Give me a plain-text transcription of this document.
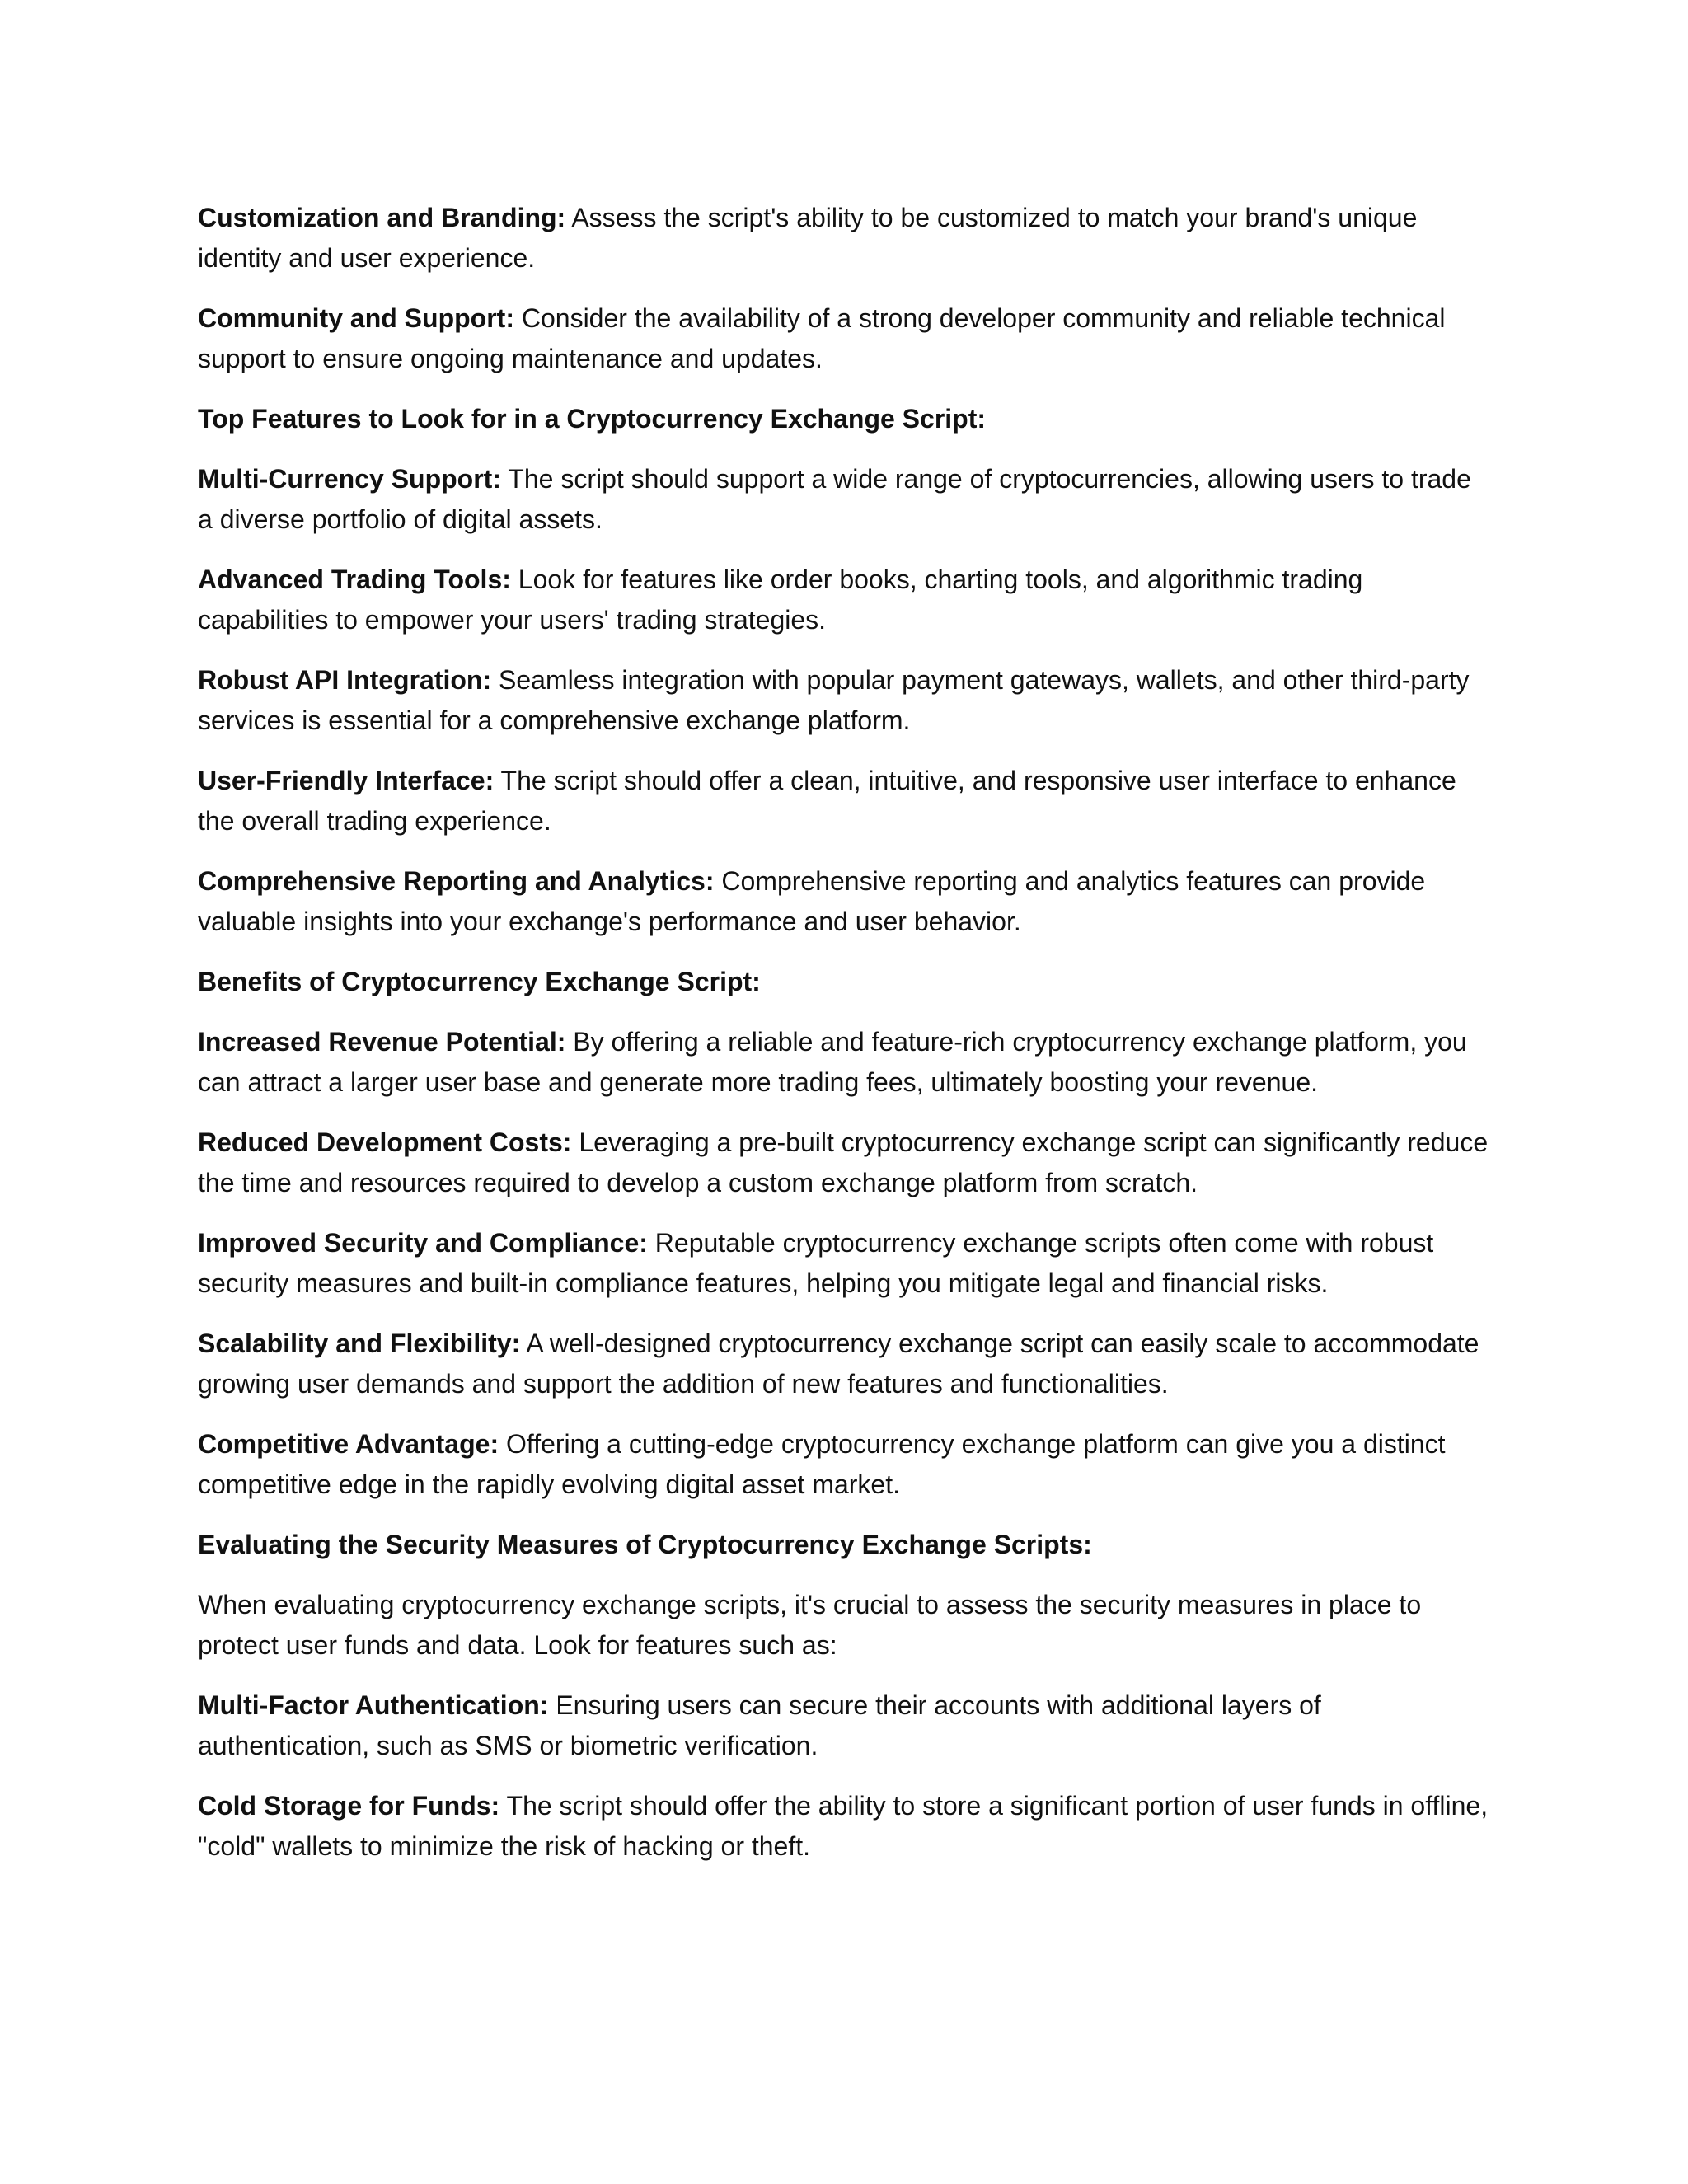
Customization and Branding: Assess the script's ability to be customized to match your brand's unique identity and user experience.

Community and Support: Consider the availability of a strong developer community and reliable technical support to ensure ongoing maintenance and updates.

Top Features to Look for in a Cryptocurrency Exchange Script:

Multi-Currency Support: The script should support a wide range of cryptocurrencies, allowing users to trade a diverse portfolio of digital assets.

Advanced Trading Tools: Look for features like order books, charting tools, and algorithmic trading capabilities to empower your users' trading strategies.

Robust API Integration: Seamless integration with popular payment gateways, wallets, and other third-party services is essential for a comprehensive exchange platform.

User-Friendly Interface: The script should offer a clean, intuitive, and responsive user interface to enhance the overall trading experience.

Comprehensive Reporting and Analytics: Comprehensive reporting and analytics features can provide valuable insights into your exchange's performance and user behavior.

Benefits of Cryptocurrency Exchange Script:

Increased Revenue Potential: By offering a reliable and feature-rich cryptocurrency exchange platform, you can attract a larger user base and generate more trading fees, ultimately boosting your revenue.

Reduced Development Costs: Leveraging a pre-built cryptocurrency exchange script can significantly reduce the time and resources required to develop a custom exchange platform from scratch.

Improved Security and Compliance: Reputable cryptocurrency exchange scripts often come with robust security measures and built-in compliance features, helping you mitigate legal and financial risks.

Scalability and Flexibility: A well-designed cryptocurrency exchange script can easily scale to accommodate growing user demands and support the addition of new features and functionalities.

Competitive Advantage: Offering a cutting-edge cryptocurrency exchange platform can give you a distinct competitive edge in the rapidly evolving digital asset market.

Evaluating the Security Measures of Cryptocurrency Exchange Scripts:

When evaluating cryptocurrency exchange scripts, it's crucial to assess the security measures in place to protect user funds and data. Look for features such as:

Multi-Factor Authentication: Ensuring users can secure their accounts with additional layers of authentication, such as SMS or biometric verification.

Cold Storage for Funds: The script should offer the ability to store a significant portion of user funds in offline, "cold" wallets to minimize the risk of hacking or theft.
